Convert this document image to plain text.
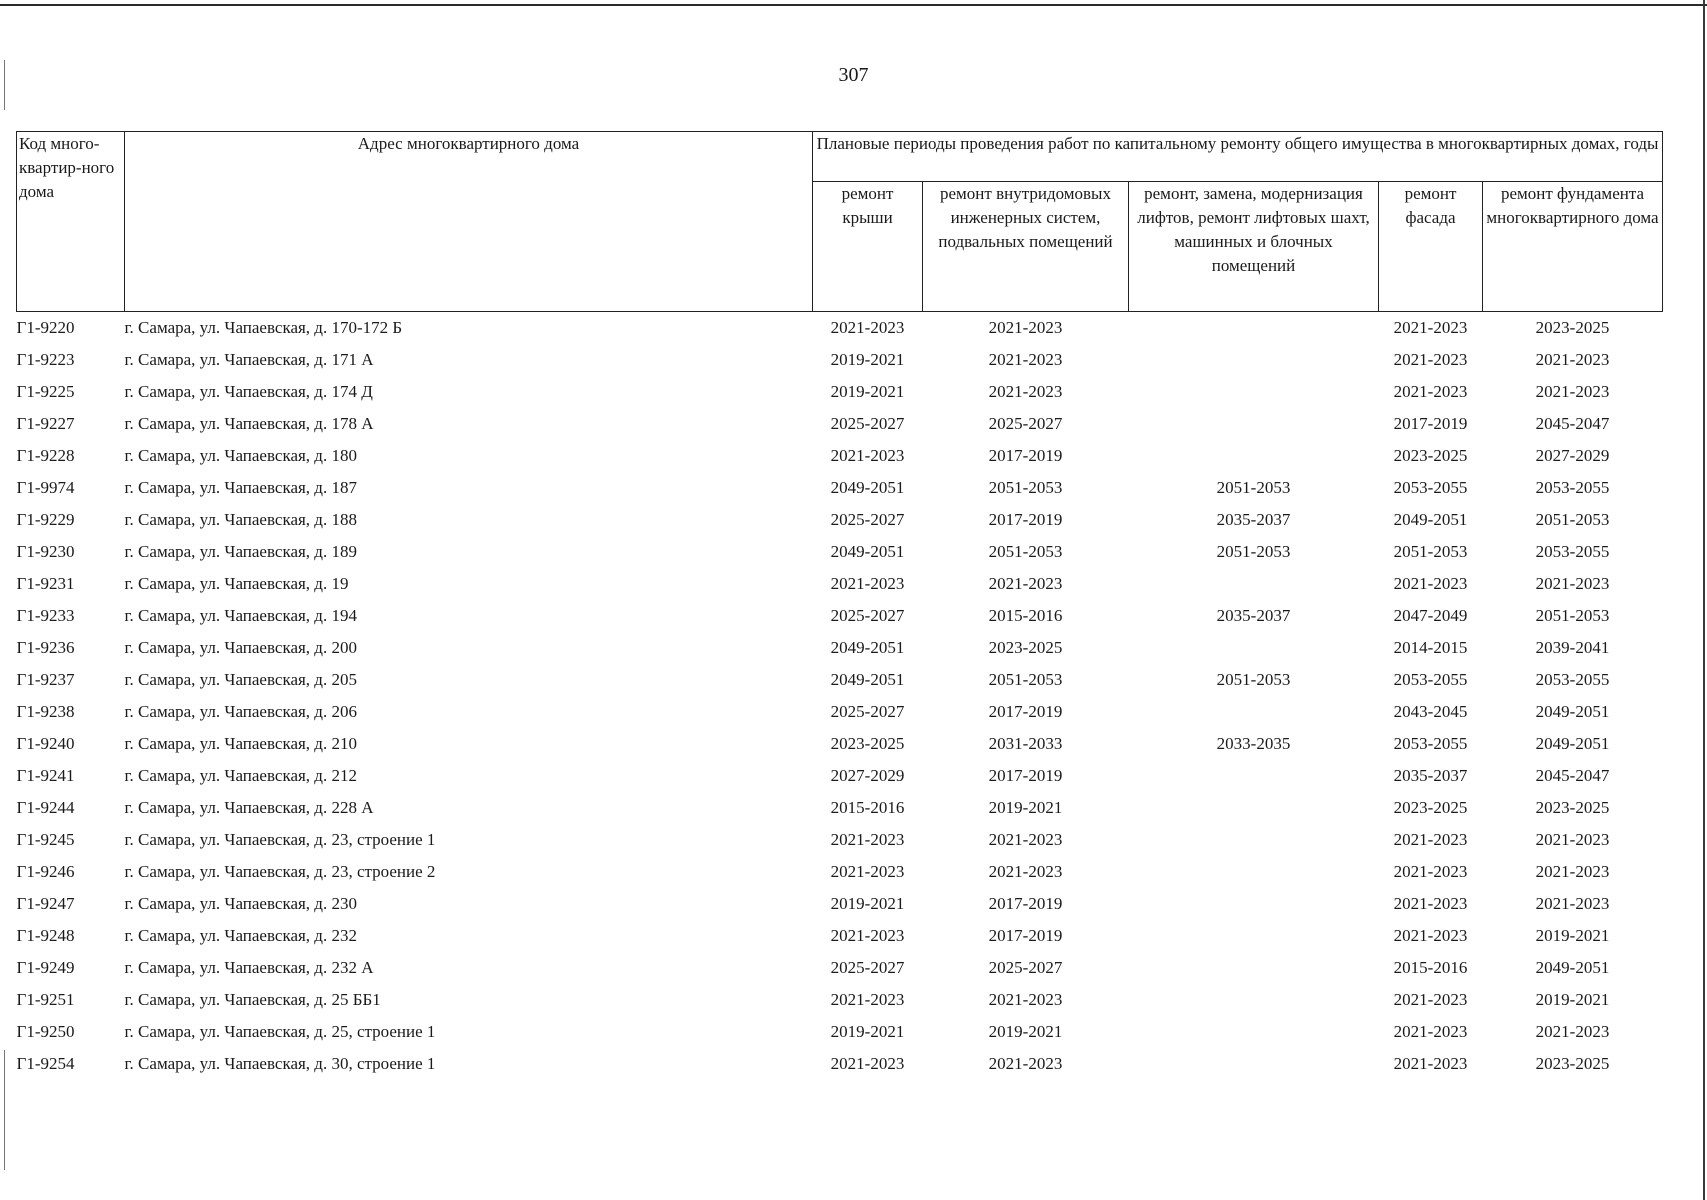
307
Код много-квартир-ного дома	Адрес многоквартирного дома	Плановые периоды проведения работ по капитальному ремонту общего имущества в многоквартирных домах, годы				
		ремонт крыши	ремонт внутридомовых инженерных систем, подвальных помещений	ремонт, замена, модернизация лифтов, ремонт лифтовых шахт, машинных и блочных помещений	ремонт фасада	ремонт фундамента многоквартирного дома
Г1-9220	г. Самара, ул. Чапаевская, д. 170-172 Б	2021-2023	2021-2023		2021-2023	2023-2025
Г1-9223	г. Самара, ул. Чапаевская, д. 171 А	2019-2021	2021-2023		2021-2023	2021-2023
Г1-9225	г. Самара, ул. Чапаевская, д. 174 Д	2019-2021	2021-2023		2021-2023	2021-2023
Г1-9227	г. Самара, ул. Чапаевская, д. 178 А	2025-2027	2025-2027		2017-2019	2045-2047
Г1-9228	г. Самара, ул. Чапаевская, д. 180	2021-2023	2017-2019		2023-2025	2027-2029
Г1-9974	г. Самара, ул. Чапаевская, д. 187	2049-2051	2051-2053	2051-2053	2053-2055	2053-2055
Г1-9229	г. Самара, ул. Чапаевская, д. 188	2025-2027	2017-2019	2035-2037	2049-2051	2051-2053
Г1-9230	г. Самара, ул. Чапаевская, д. 189	2049-2051	2051-2053	2051-2053	2051-2053	2053-2055
Г1-9231	г. Самара, ул. Чапаевская, д. 19	2021-2023	2021-2023		2021-2023	2021-2023
Г1-9233	г. Самара, ул. Чапаевская, д. 194	2025-2027	2015-2016	2035-2037	2047-2049	2051-2053
Г1-9236	г. Самара, ул. Чапаевская, д. 200	2049-2051	2023-2025		2014-2015	2039-2041
Г1-9237	г. Самара, ул. Чапаевская, д. 205	2049-2051	2051-2053	2051-2053	2053-2055	2053-2055
Г1-9238	г. Самара, ул. Чапаевская, д. 206	2025-2027	2017-2019		2043-2045	2049-2051
Г1-9240	г. Самара, ул. Чапаевская, д. 210	2023-2025	2031-2033	2033-2035	2053-2055	2049-2051
Г1-9241	г. Самара, ул. Чапаевская, д. 212	2027-2029	2017-2019		2035-2037	2045-2047
Г1-9244	г. Самара, ул. Чапаевская, д. 228 А	2015-2016	2019-2021		2023-2025	2023-2025
Г1-9245	г. Самара, ул. Чапаевская, д. 23, строение 1	2021-2023	2021-2023		2021-2023	2021-2023
Г1-9246	г. Самара, ул. Чапаевская, д. 23, строение 2	2021-2023	2021-2023		2021-2023	2021-2023
Г1-9247	г. Самара, ул. Чапаевская, д. 230	2019-2021	2017-2019		2021-2023	2021-2023
Г1-9248	г. Самара, ул. Чапаевская, д. 232	2021-2023	2017-2019		2021-2023	2019-2021
Г1-9249	г. Самара, ул. Чапаевская, д. 232 А	2025-2027	2025-2027		2015-2016	2049-2051
Г1-9251	г. Самара, ул. Чапаевская, д. 25 ББ1	2021-2023	2021-2023		2021-2023	2019-2021
Г1-9250	г. Самара, ул. Чапаевская, д. 25, строение 1	2019-2021	2019-2021		2021-2023	2021-2023
Г1-9254	г. Самара, ул. Чапаевская, д. 30, строение 1	2021-2023	2021-2023		2021-2023	2023-2025
